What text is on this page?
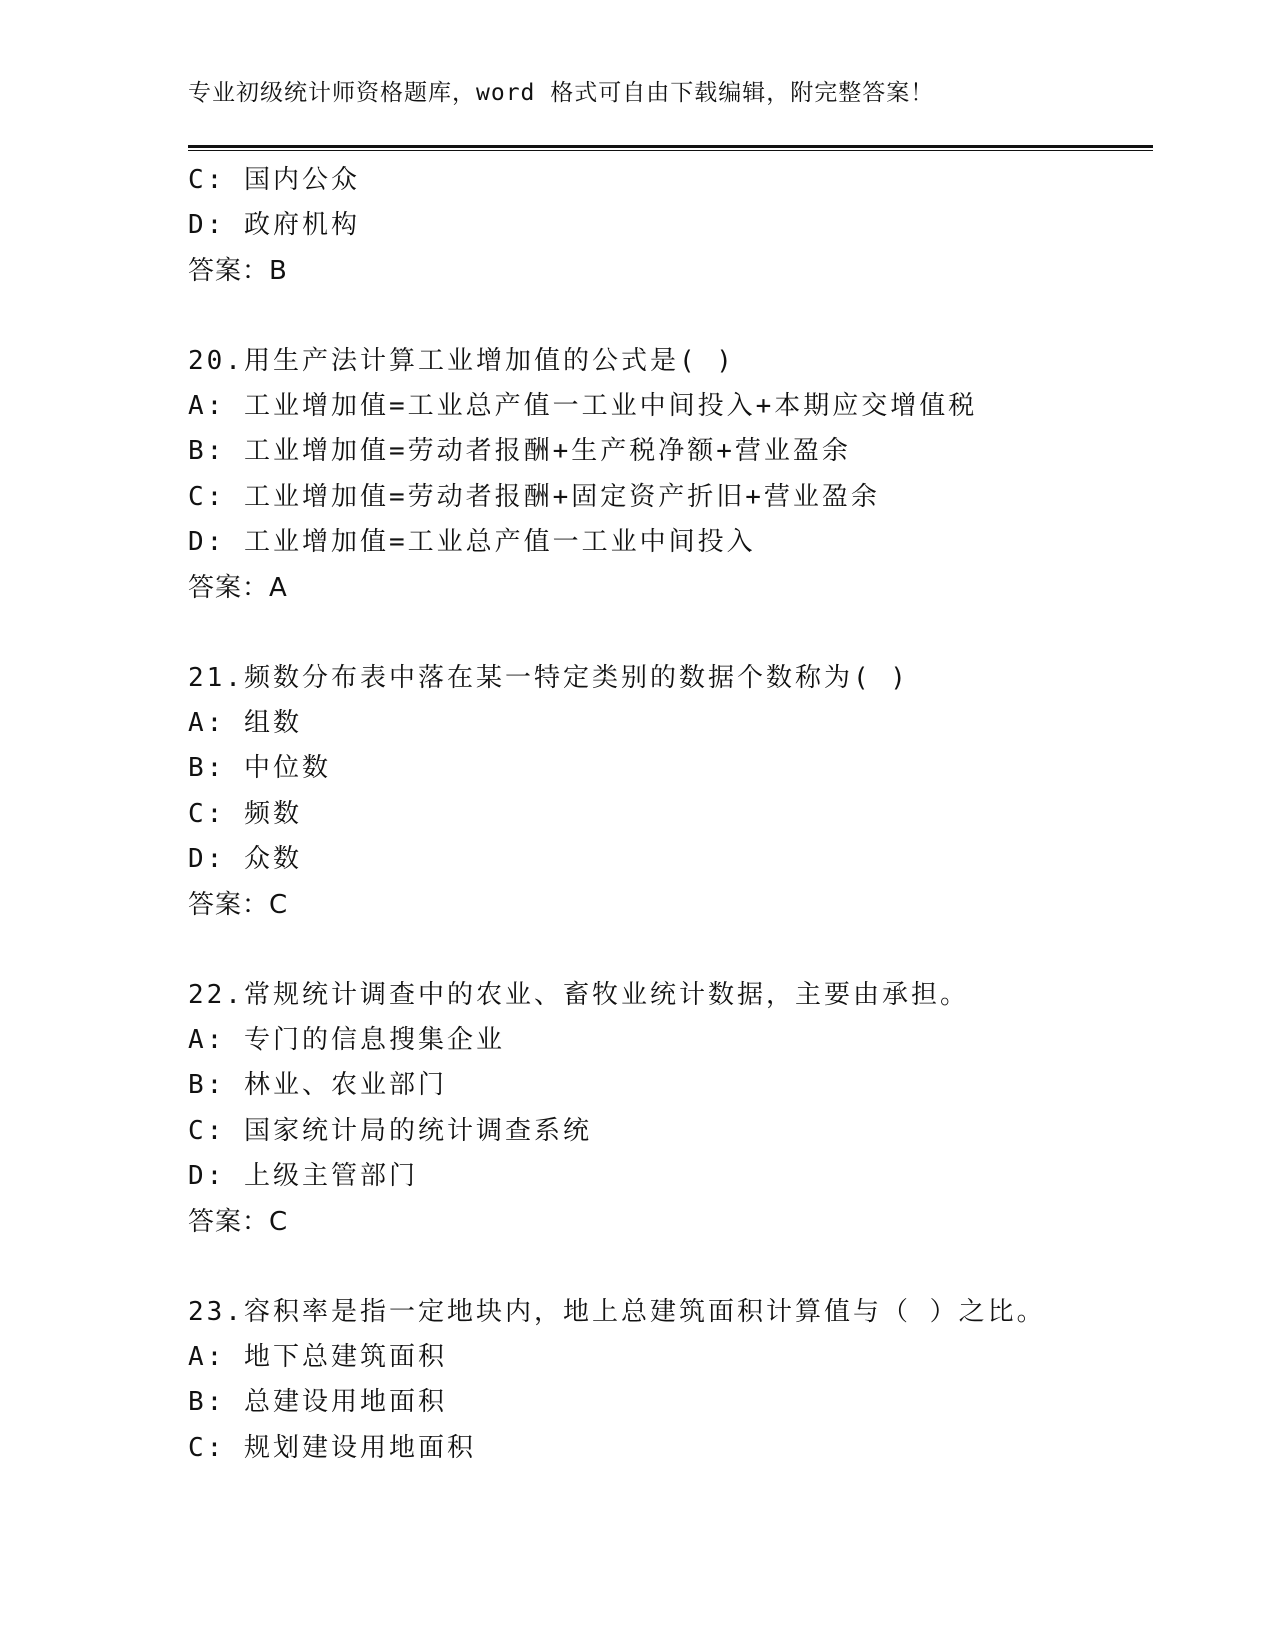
专业初级统计师资格题库，word 格式可自由下载编辑，附完整答案！
C: 国内公众
D: 政府机构
答案：B
20.用生产法计算工业增加值的公式是( )
A: 工业增加值=工业总产值一工业中间投入+本期应交增值税
B: 工业增加值=劳动者报酬+生产税净额+营业盈余
C: 工业增加值=劳动者报酬+固定资产折旧+营业盈余
D: 工业增加值=工业总产值一工业中间投入
答案：A
21.频数分布表中落在某一特定类别的数据个数称为( )
A: 组数
B: 中位数
C: 频数
D: 众数
答案：C
22.常规统计调查中的农业、畜牧业统计数据，主要由承担。
A: 专门的信息搜集企业
B: 林业、农业部门
C: 国家统计局的统计调查系统
D: 上级主管部门
答案：C
23.容积率是指一定地块内，地上总建筑面积计算值与（ ）之比。
A: 地下总建筑面积
B: 总建设用地面积
C: 规划建设用地面积
